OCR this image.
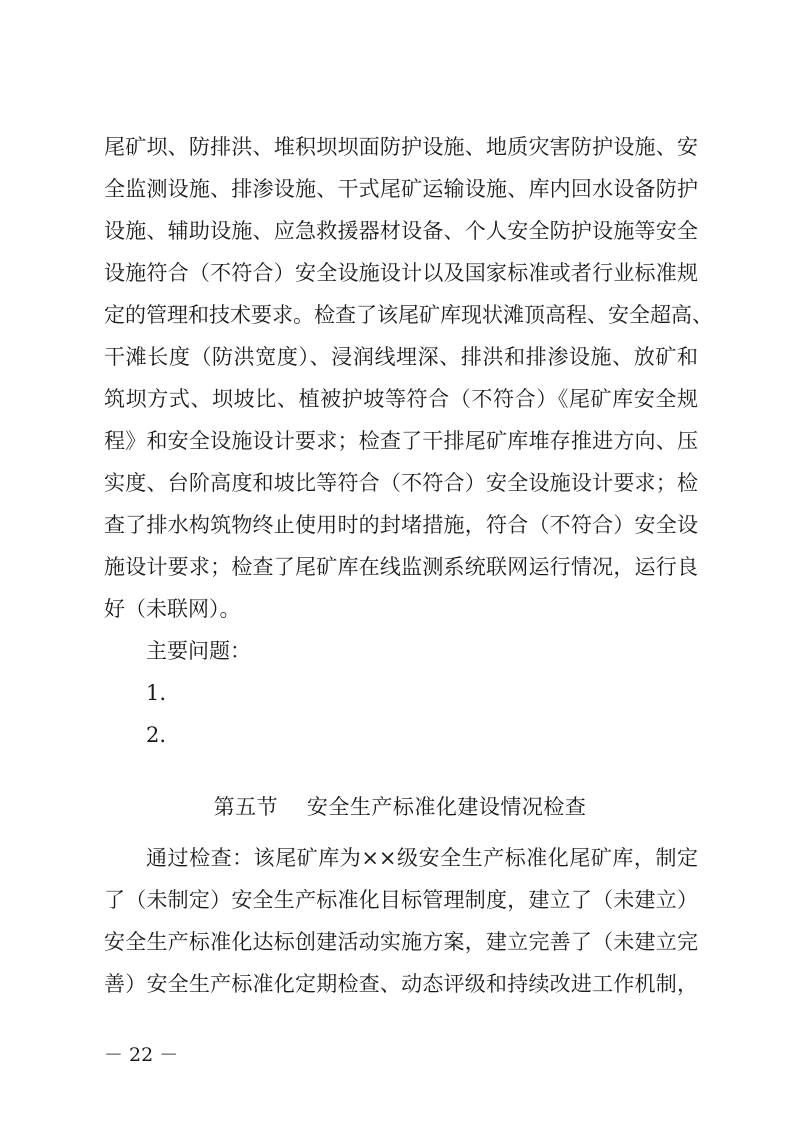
尾矿坝、防排洪、堆积坝坝面防护设施、地质灾害防护设施、安
全监测设施、排渗设施、干式尾矿运输设施、库内回水设备防护
设施、辅助设施、应急救援器材设备、个人安全防护设施等安全
设施符合（不符合）安全设施设计以及国家标准或者行业标准规
定的管理和技术要求。检查了该尾矿库现状滩顶高程、安全超高、
干滩长度（防洪宽度）、浸润线埋深、排洪和排渗设施、放矿和
筑坝方式、坝坡比、植被护坡等符合（不符合）《尾矿库安全规
程》和安全设施设计要求；检查了干排尾矿库堆存推进方向、压
实度、台阶高度和坡比等符合（不符合）安全设施设计要求；检
查了排水构筑物终止使用时的封堵措施，符合（不符合）安全设
施设计要求；检查了尾矿库在线监测系统联网运行情况，运行良
好（未联网）。
主要问题：
1.
2.
第五节　 安全生产标准化建设情况检查
通过检查：该尾矿库为××级安全生产标准化尾矿库，制定
了（未制定）安全生产标准化目标管理制度，建立了（未建立）
安全生产标准化达标创建活动实施方案，建立完善了（未建立完
善）安全生产标准化定期检查、动态评级和持续改进工作机制，
－ 22 －
